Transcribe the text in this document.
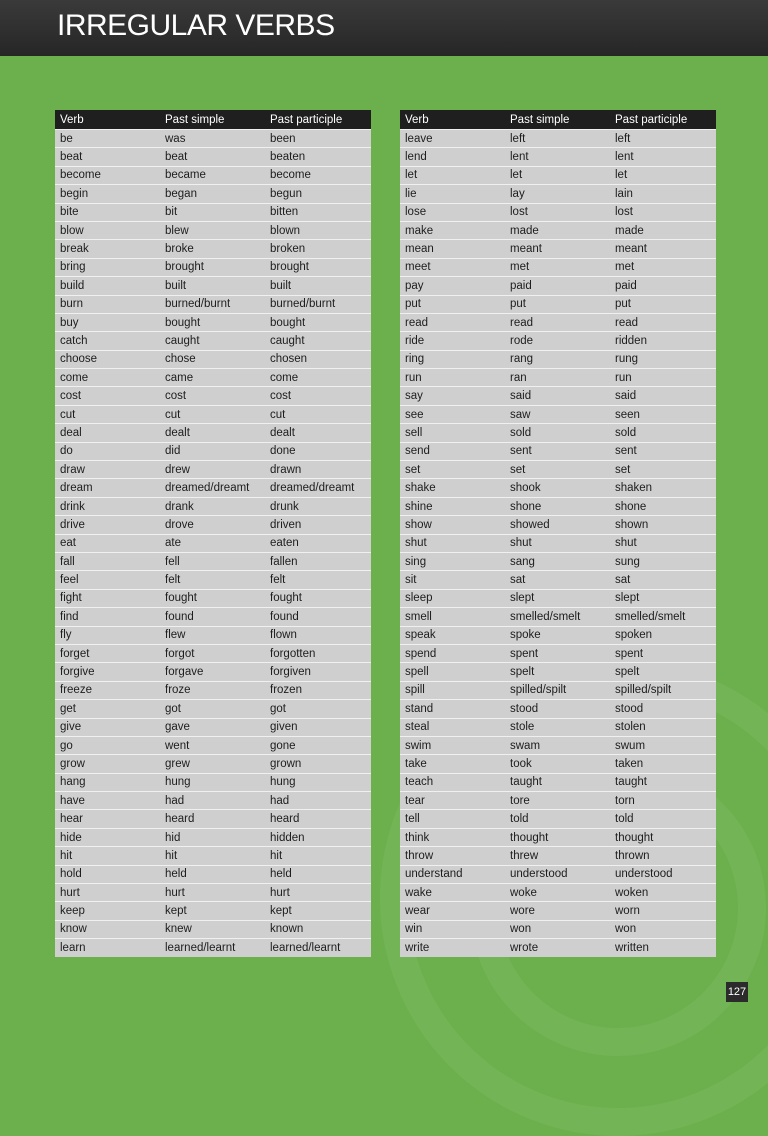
IRREGULAR VERBS
Verb	Past simple	Past participle
be	was	been
beat	beat	beaten
become	became	become
begin	began	begun
bite	bit	bitten
blow	blew	blown
break	broke	broken
bring	brought	brought
build	built	built
burn	burned/burnt	burned/burnt
buy	bought	bought
catch	caught	caught
choose	chose	chosen
come	came	come
cost	cost	cost
cut	cut	cut
deal	dealt	dealt
do	did	done
draw	drew	drawn
dream	dreamed/dreamt	dreamed/dreamt
drink	drank	drunk
drive	drove	driven
eat	ate	eaten
fall	fell	fallen
feel	felt	felt
fight	fought	fought
find	found	found
fly	flew	flown
forget	forgot	forgotten
forgive	forgave	forgiven
freeze	froze	frozen
get	got	got
give	gave	given
go	went	gone
grow	grew	grown
hang	hung	hung
have	had	had
hear	heard	heard
hide	hid	hidden
hit	hit	hit
hold	held	held
hurt	hurt	hurt
keep	kept	kept
know	knew	known
learn	learned/learnt	learned/learnt
Verb	Past simple	Past participle
leave	left	left
lend	lent	lent
let	let	let
lie	lay	lain
lose	lost	lost
make	made	made
mean	meant	meant
meet	met	met
pay	paid	paid
put	put	put
read	read	read
ride	rode	ridden
ring	rang	rung
run	ran	run
say	said	said
see	saw	seen
sell	sold	sold
send	sent	sent
set	set	set
shake	shook	shaken
shine	shone	shone
show	showed	shown
shut	shut	shut
sing	sang	sung
sit	sat	sat
sleep	slept	slept
smell	smelled/smelt	smelled/smelt
speak	spoke	spoken
spend	spent	spent
spell	spelt	spelt
spill	spilled/spilt	spilled/spilt
stand	stood	stood
steal	stole	stolen
swim	swam	swum
take	took	taken
teach	taught	taught
tear	tore	torn
tell	told	told
think	thought	thought
throw	threw	thrown
understand	understood	understood
wake	woke	woken
wear	wore	worn
win	won	won
write	wrote	written
127
